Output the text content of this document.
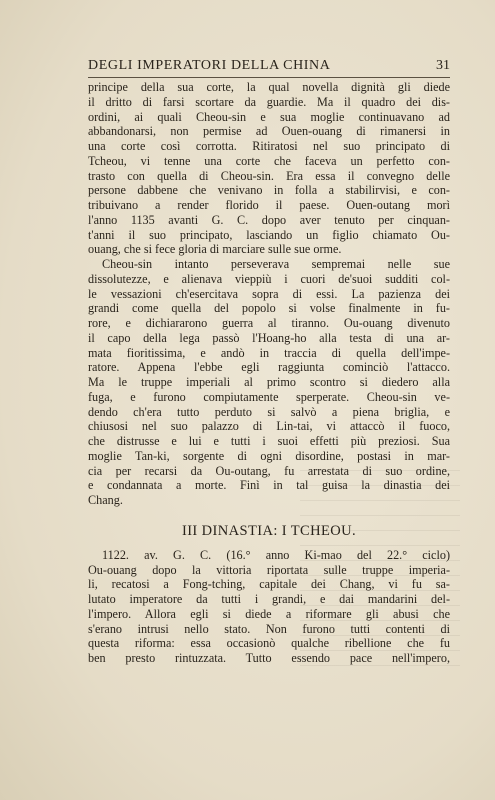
DEGLI IMPERATORI DELLA CHINA	31
principe della sua corte, la qual novella dignità gli diede
il dritto di farsi scortare da guardie. Ma il quadro dei dis-
ordini, ai quali Cheou-sin e sua moglie continuavano ad
abbandonarsi, non permise ad Ouen-ouang di rimanersi in
una corte così corrotta. Ritiratosi nel suo principato di
Tcheou, vi tenne una corte che faceva un perfetto con-
trasto con quella di Cheou-sin. Era essa il convegno delle
persone dabbene che venivano in folla a stabilirvisi, e con-
tribuivano a render florido il paese. Ouen-outang morì
l'anno 1135 avanti G. C. dopo aver tenuto per cinquan-
t'anni il suo principato, lasciando un figlio chiamato Ou-
ouang, che si fece gloria di marciare sulle sue orme.
Cheou-sin intanto perseverava sempremai nelle sue
dissolutezze, e alienava vieppiù i cuori de'suoi sudditi col-
le vessazioni ch'esercitava sopra di essi. La pazienza dei
grandi come quella del popolo si volse finalmente in fu-
rore, e dichiararono guerra al tiranno. Ou-ouang divenuto
il capo della lega passò l'Hoang-ho alla testa di una ar-
mata fioritissima, e andò in traccia di quella dell'impe-
ratore. Appena l'ebbe egli raggiunta cominciò l'attacco.
Ma le truppe imperiali al primo scontro si diedero alla
fuga, e furono compiutamente sperperate. Cheou-sin ve-
dendo ch'era tutto perduto si salvò a piena briglia, e
chiusosi nel suo palazzo di Lin-tai, vi attaccò il fuoco,
che distrusse e lui e tutti i suoi effetti più preziosi. Sua
moglie Tan-ki, sorgente di ogni disordine, postasi in mar-
cia per recarsi da Ou-outang, fu arrestata di suo ordine,
e condannata a morte. Finì in tal guisa la dinastia dei
Chang.
III DINASTIA: I TCHEOU.
1122. av. G. C. (16.° anno Ki-mao del 22.° ciclo)
Ou-ouang dopo la vittoria riportata sulle truppe imperia-
li, recatosi a Fong-tching, capitale dei Chang, vi fu sa-
lutato imperatore da tutti i grandi, e dai mandarini del-
l'impero. Allora egli si diede a riformare gli abusi che
s'erano intrusi nello stato. Non furono tutti contenti di
questa riforma: essa occasionò qualche ribellione che fu
ben presto rintuzzata. Tutto essendo pace nell'impero,
